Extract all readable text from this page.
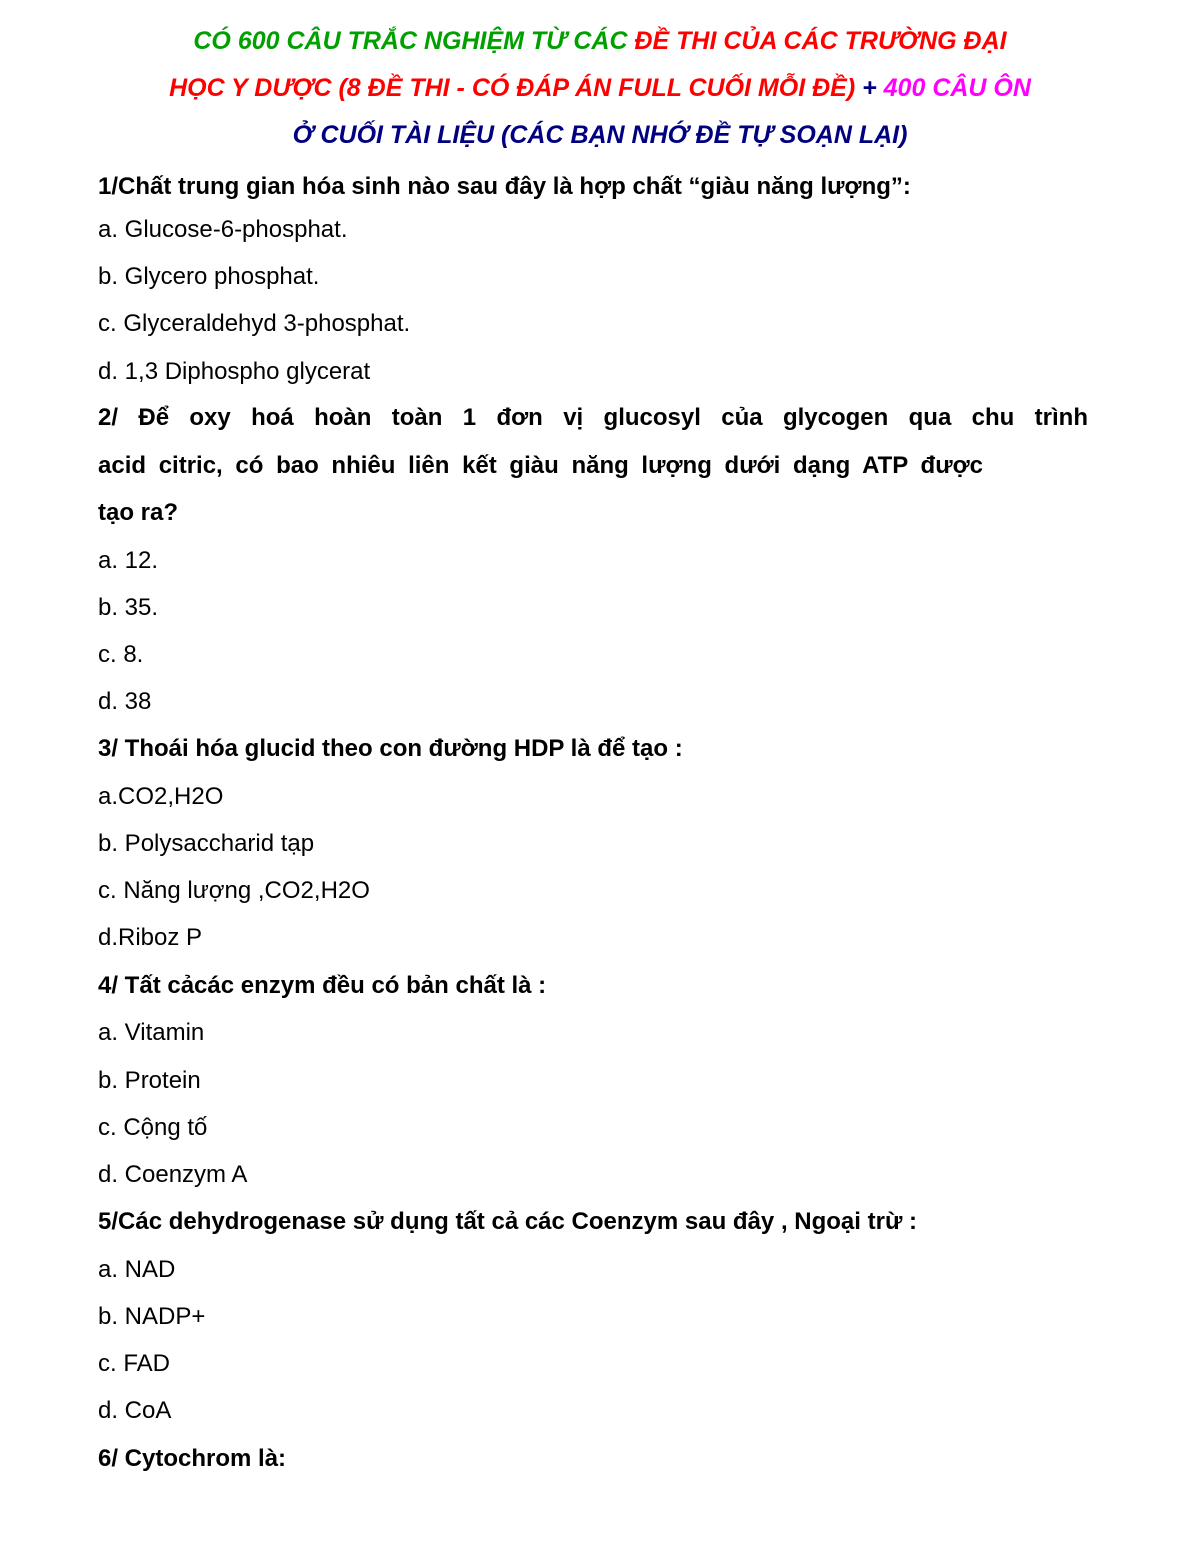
CÓ 600 CÂU TRẮC NGHIỆM TỪ CÁC ĐỀ THI CỦA CÁC TRƯỜNG ĐẠI
HỌC Y DƯỢC (8 ĐỀ THI - CÓ ĐÁP ÁN FULL CUỐI MỖI ĐỀ) + 400 CÂU ÔN
Ở CUỐI TÀI LIỆU (CÁC BẠN NHỚ ĐỀ TỰ SOẠN LẠI)
1/Chất trung gian hóa sinh nào sau đây là hợp chất “giàu năng lượng”:
a. Glucose-6-phosphat.
b. Glycero phosphat.
c. Glyceraldehyd 3-phosphat.
d. 1,3 Diphospho glycerat
2/ Để oxy hoá hoàn toàn 1 đơn vị glucosyl của glycogen qua chu trình
acid citric, có bao nhiêu liên kết giàu năng lượng dưới dạng ATP được
tạo ra?
a. 12.
b. 35.
c. 8.
d. 38
3/ Thoái hóa glucid theo con đường HDP là để tạo :
a.CO2,H2O
b. Polysaccharid tạp
c. Năng lượng ,CO2,H2O
d.Riboz P
4/ Tất cảcác enzym đều có bản chất là :
a. Vitamin
b. Protein
c. Cộng tố
d. Coenzym A
5/Các dehydrogenase sử dụng tất cả các Coenzym sau đây , Ngoại trừ :
a. NAD
b. NADP+
c. FAD
d. CoA
6/ Cytochrom là:
